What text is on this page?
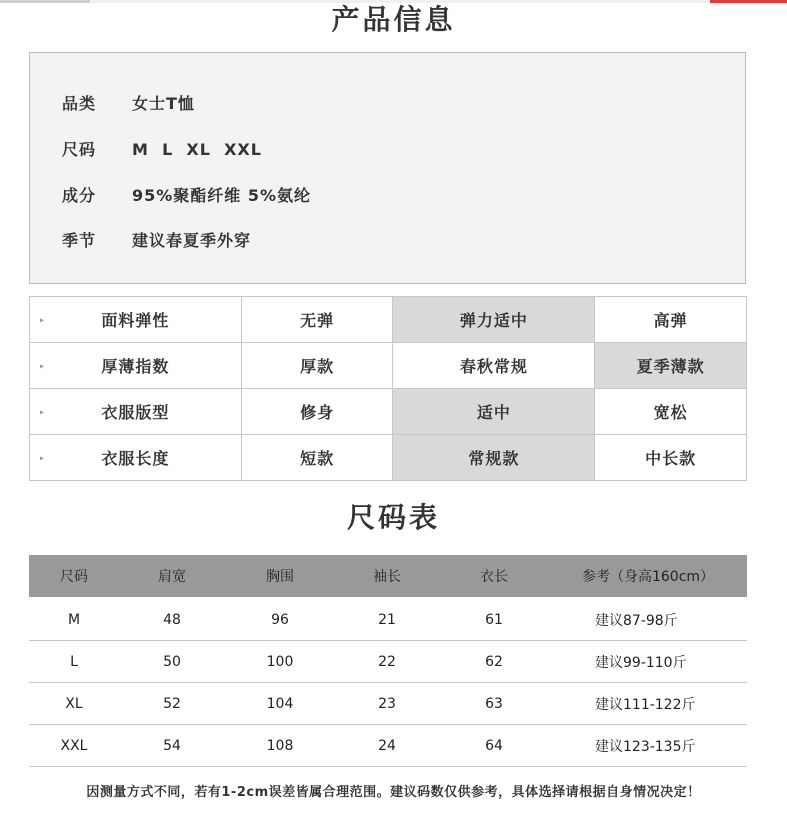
产品信息
品类 女士T恤
尺码 M  L  XL  XXL
成分 95%聚酯纤维 5%氨纶
季节 建议春夏季外穿
▸ 面料弹性	无弹	弹力适中	高弹

▸ 厚薄指数	厚款	春秋常规	夏季薄款

▸ 衣服版型	修身	适中	宽松

▸ 衣服长度	短款	常规款	中长款
尺码表
尺码	肩宽	胸围	袖长	衣长	参考（身高160cm）
M	48	96	21	61	建议87-98斤
L	50	100	22	62	建议99-110斤
XL	52	104	23	63	建议111-122斤
XXL	54	108	24	64	建议123-135斤
因测量方式不同，若有1-2cm误差皆属合理范围。建议码数仅供参考，具体选择请根据自身情况决定！
